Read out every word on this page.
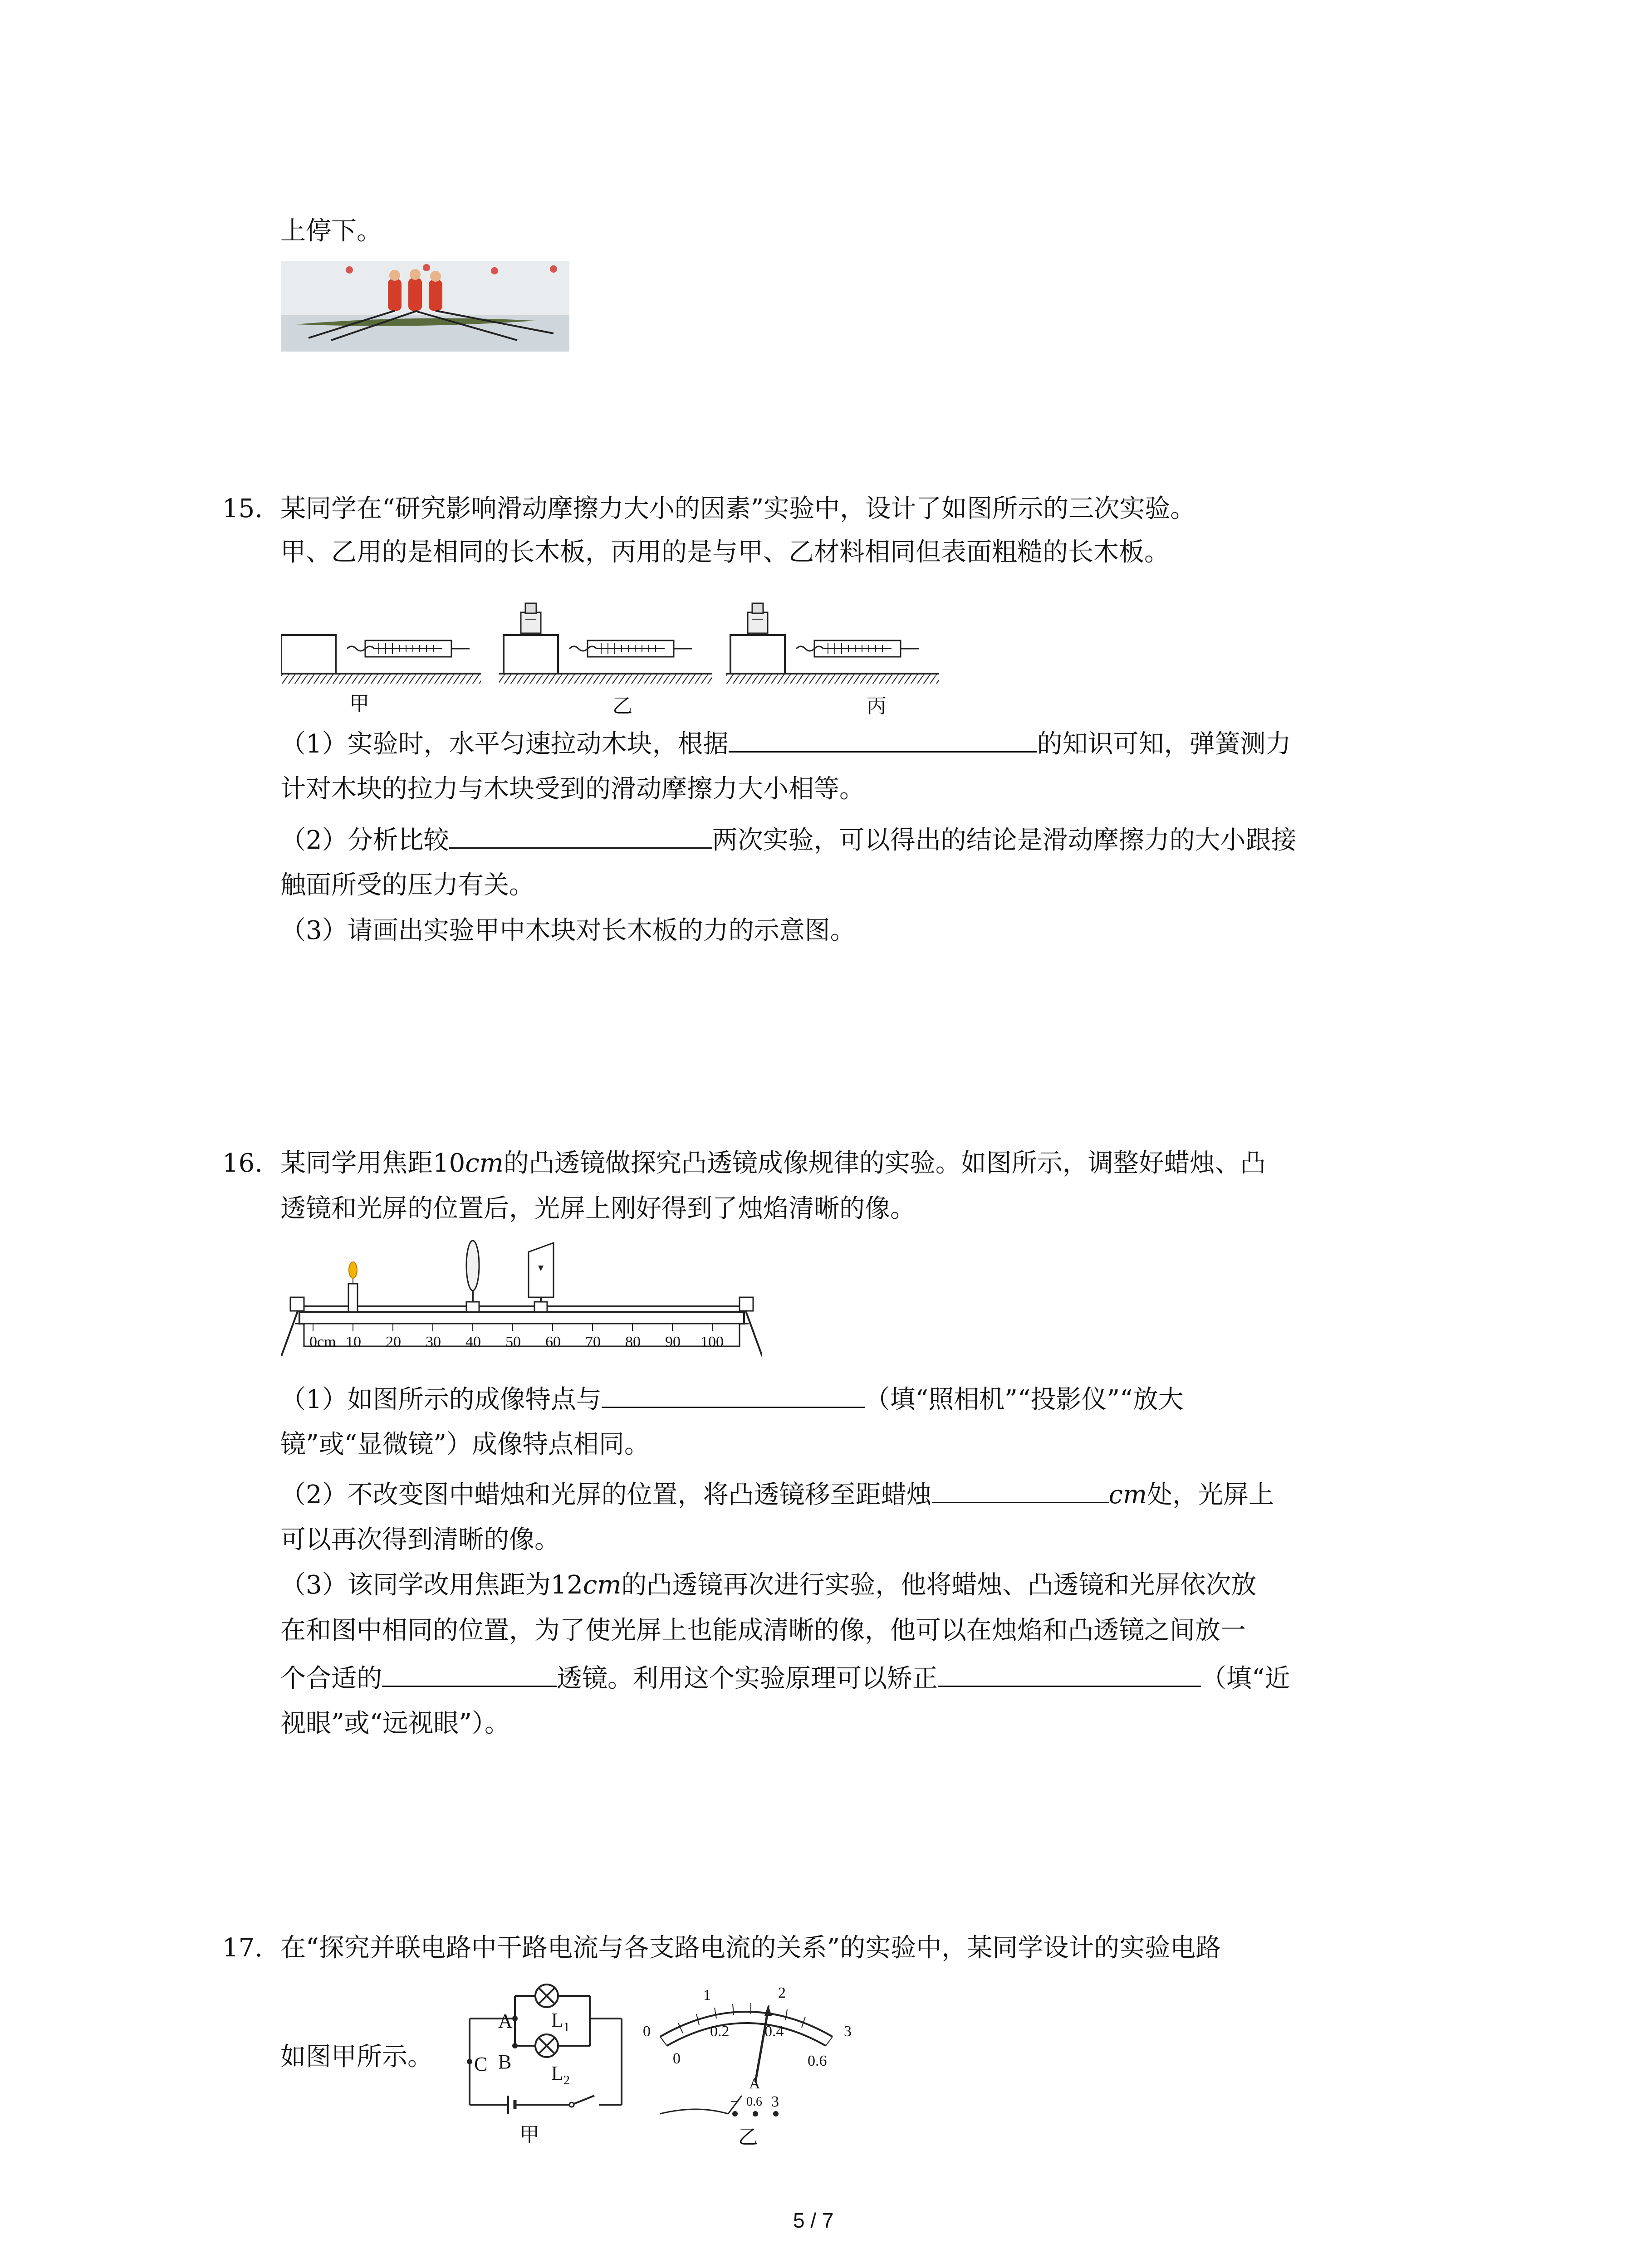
上停下。
15. 某同学在“研究影响滑动摩擦力大小的因素”实验中，设计了如图所示的三次实验。
甲、乙用的是相同的长木板，丙用的是与甲、乙材料相同但表面粗糙的长木板。
甲	乙	丙
（1）实验时，水平匀速拉动木块，根据	的知识可知，弹簧测力
计对木块的拉力与木块受到的滑动摩擦力大小相等。
（2）分析比较	两次实验，可以得出的结论是滑动摩擦力的大小跟接
触面所受的压力有关。
（3）请画出实验甲中木块对长木板的力的示意图。
16. 某同学用焦距10cm的凸透镜做探究凸透镜成像规律的实验。如图所示，调整好蜡烛、凸
透镜和光屏的位置后，光屏上刚好得到了烛焰清晰的像。
0cm 10 20 30 40 50 60 70 80 90 100
（1）如图所示的成像特点与	（填“照相机”“投影仪”“放大
镜”或“显微镜”）成像特点相同。
（2）不改变图中蜡烛和光屏的位置，将凸透镜移至距蜡烛	cm处，光屏上
可以再次得到清晰的像。
（3）该同学改用焦距为12cm的凸透镜再次进行实验，他将蜡烛、凸透镜和光屏依次放
在和图中相同的位置，为了使光屏上也能成清晰的像，他可以在烛焰和凸透镜之间放一
个合适的	透镜。利用这个实验原理可以矫正	（填“近
视眼”或“远视眼”）。
17. 在“探究并联电路中干路电流与各支路电流的关系”的实验中，某同学设计的实验电路
如图甲所示。
A
B
C
$L_1$
$L_2$
甲
0
1	2
3
0
0.2 0.4
0.6
A
− 0.6 3
乙
5 / 7
